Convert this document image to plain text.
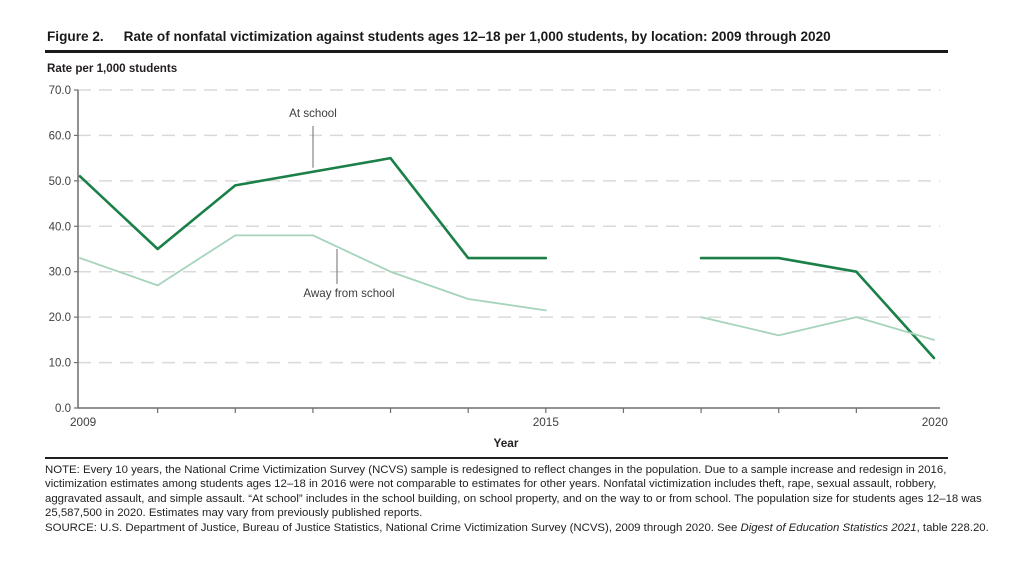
Figure 2. Rate of nonfatal victimization against students ages 12–18 per 1,000 students, by location: 2009 through 2020
Rate per 1,000 students
0.0
10.0
20.0
30.0
40.0
50.0
60.0
70.0
2009	2015	2020
At school
Away from school
Year

NOTE: Every 10 years, the National Crime Victimization Survey (NCVS) sample is redesigned to reflect changes in the population. Due to a sample increase and redesign in 2016, victimization estimates among students ages 12–18 in 2016 were not comparable to estimates for other years. Nonfatal victimization includes theft, rape, sexual assault, robbery, aggravated assault, and simple assault. “At school” includes in the school building, on school property, and on the way to or from school. The population size for students ages 12–18 was 25,587,500 in 2020. Estimates may vary from previously published reports.

SOURCE: U.S. Department of Justice, Bureau of Justice Statistics, National Crime Victimization Survey (NCVS), 2009 through 2020. See Digest of Education Statistics 2021, table 228.20.
